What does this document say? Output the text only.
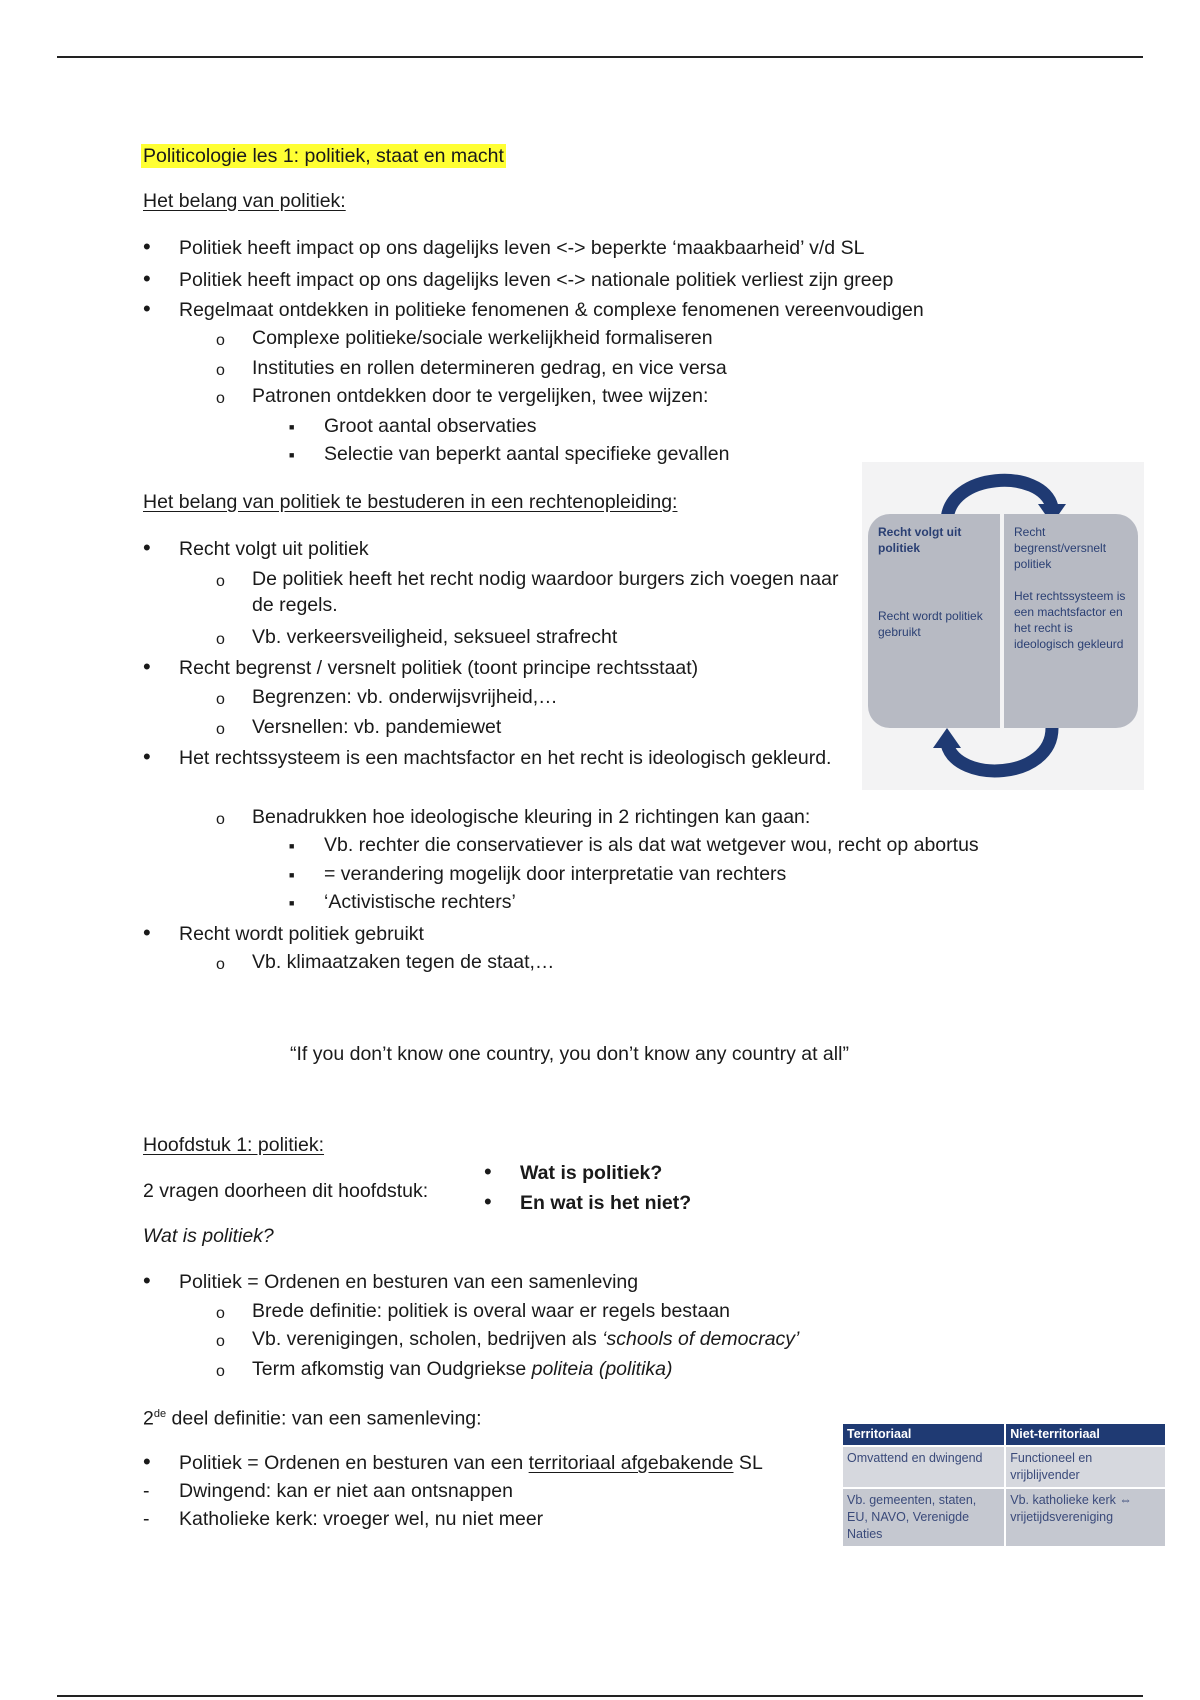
Politicologie les 1: politiek, staat en macht
Het belang van politiek:
•
Politiek heeft impact op ons dagelijks leven <-> beperkte ‘maakbaarheid’ v/d SL
•
Politiek heeft impact op ons dagelijks leven <-> nationale politiek verliest zijn greep
•
Regelmaat ontdekken in politieke fenomenen & complexe fenomenen vereenvoudigen
o
Complexe politieke/sociale werkelijkheid formaliseren
o
Instituties en rollen determineren gedrag, en vice versa
o
Patronen ontdekken door te vergelijken, twee wijzen:
■
Groot aantal observaties
■
Selectie van beperkt aantal specifieke gevallen
Het belang van politiek te bestuderen in een rechtenopleiding:
•
Recht volgt uit politiek
o
De politiek heeft het recht nodig waardoor burgers zich voegen naar de regels.
o
Vb. verkeersveiligheid, seksueel strafrecht
•
Recht begrenst / versnelt politiek (toont principe rechtsstaat)
o
Begrenzen: vb. onderwijsvrijheid,…
o
Versnellen: vb. pandemiewet
•
Het rechtssysteem is een machtsfactor en het recht is ideologisch gekleurd.
o
Benadrukken hoe ideologische kleuring in 2 richtingen kan gaan:
■
Vb. rechter die conservatiever is als dat wat wetgever wou, recht op abortus
■
= verandering mogelijk door interpretatie van rechters
■
‘Activistische rechters’
•
Recht wordt politiek gebruikt
o
Vb. klimaatzaken tegen de staat,…
Recht volgt uit politiek
Recht wordt politiek gebruikt
Recht begrenst/versnelt politiek
Het rechtssysteem is een machtsfactor en het recht is ideologisch gekleurd
“If you don’t know one country, you don’t know any country at all”
Hoofdstuk 1: politiek:
2 vragen doorheen dit hoofdstuk:
•
Wat is politiek?
•
En wat is het niet?
Wat is politiek?
•
Politiek = Ordenen en besturen van een samenleving
o
Brede definitie: politiek is overal waar er regels bestaan
o
Vb. verenigingen, scholen, bedrijven als ‘schools of democracy’
o
Term afkomstig van Oudgriekse politeia (politika)
2de deel definitie: van een samenleving:
•
Politiek = Ordenen en besturen van een territoriaal afgebakende SL
-
Dwingend: kan er niet aan ontsnappen
-
Katholieke kerk: vroeger wel, nu niet meer
Territoriaal	Niet-territoriaal
Omvattend en dwingend	Functioneel en vrijblijvender
Vb. gemeenten, staten, EU, NAVO, Verenigde Naties	Vb. katholieke kerk ⇔ vrijetijdsvereniging
